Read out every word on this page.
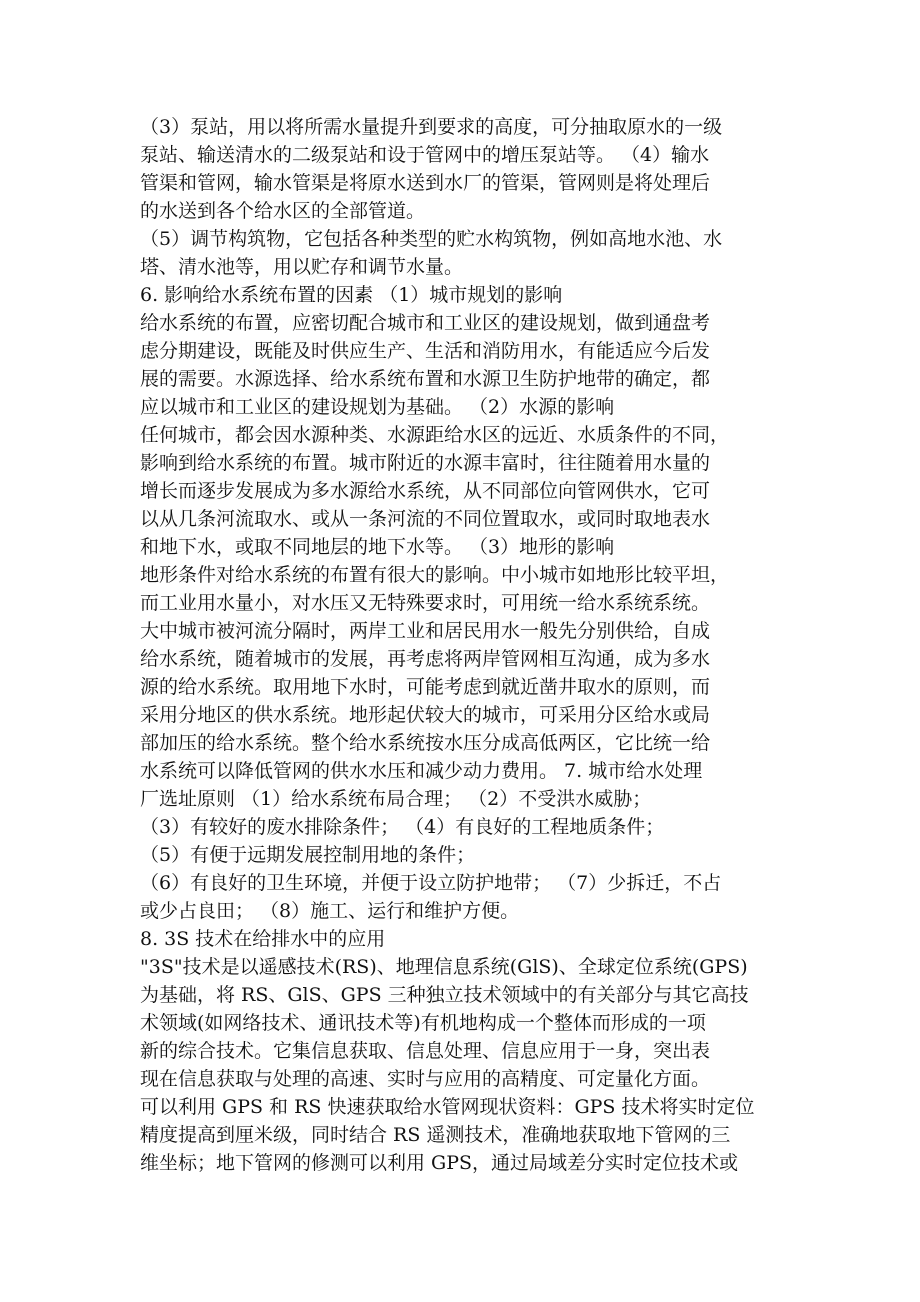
（3）泵站，用以将所需水量提升到要求的高度，可分抽取原水的一级
泵站、输送清水的二级泵站和设于管网中的增压泵站等。 （4）输水
管渠和管网，输水管渠是将原水送到水厂的管渠，管网则是将处理后
的水送到各个给水区的全部管道。
（5）调节构筑物，它包括各种类型的贮水构筑物，例如高地水池、水
塔、清水池等，用以贮存和调节水量。
6. 影响给水系统布置的因素 （1）城市规划的影响
给水系统的布置，应密切配合城市和工业区的建设规划，做到通盘考
虑分期建设，既能及时供应生产、生活和消防用水，有能适应今后发
展的需要。水源选择、给水系统布置和水源卫生防护地带的确定，都
应以城市和工业区的建设规划为基础。 （2）水源的影响
任何城市，都会因水源种类、水源距给水区的远近、水质条件的不同，
影响到给水系统的布置。城市附近的水源丰富时，往往随着用水量的
增长而逐步发展成为多水源给水系统，从不同部位向管网供水，它可
以从几条河流取水、或从一条河流的不同位置取水，或同时取地表水
和地下水，或取不同地层的地下水等。 （3）地形的影响
地形条件对给水系统的布置有很大的影响。中小城市如地形比较平坦，
而工业用水量小，对水压又无特殊要求时，可用统一给水系统系统。
大中城市被河流分隔时，两岸工业和居民用水一般先分别供给，自成
给水系统，随着城市的发展，再考虑将两岸管网相互沟通，成为多水
源的给水系统。取用地下水时，可能考虑到就近凿井取水的原则，而
采用分地区的供水系统。地形起伏较大的城市，可采用分区给水或局
部加压的给水系统。整个给水系统按水压分成高低两区，它比统一给
水系统可以降低管网的供水水压和减少动力费用。 7. 城市给水处理
厂选址原则 （1）给水系统布局合理； （2）不受洪水威胁；
（3）有较好的废水排除条件； （4）有良好的工程地质条件；
（5）有便于远期发展控制用地的条件；
（6）有良好的卫生环境，并便于设立防护地带； （7）少拆迁，不占
或少占良田； （8）施工、运行和维护方便。
8. 3S 技术在给排水中的应用
"3S"技术是以遥感技术(RS)、地理信息系统(GlS)、全球定位系统(GPS)
为基础，将 RS、GlS、GPS 三种独立技术领域中的有关部分与其它高技
术领域(如网络技术、通讯技术等)有机地构成一个整体而形成的一项
新的综合技术。它集信息获取、信息处理、信息应用于一身，突出表
现在信息获取与处理的高速、实时与应用的高精度、可定量化方面。
可以利用 GPS 和 RS 快速获取给水管网现状资料：GPS 技术将实时定位
精度提高到厘米级，同时结合 RS 遥测技术，准确地获取地下管网的三
维坐标；地下管网的修测可以利用 GPS，通过局域差分实时定位技术或
